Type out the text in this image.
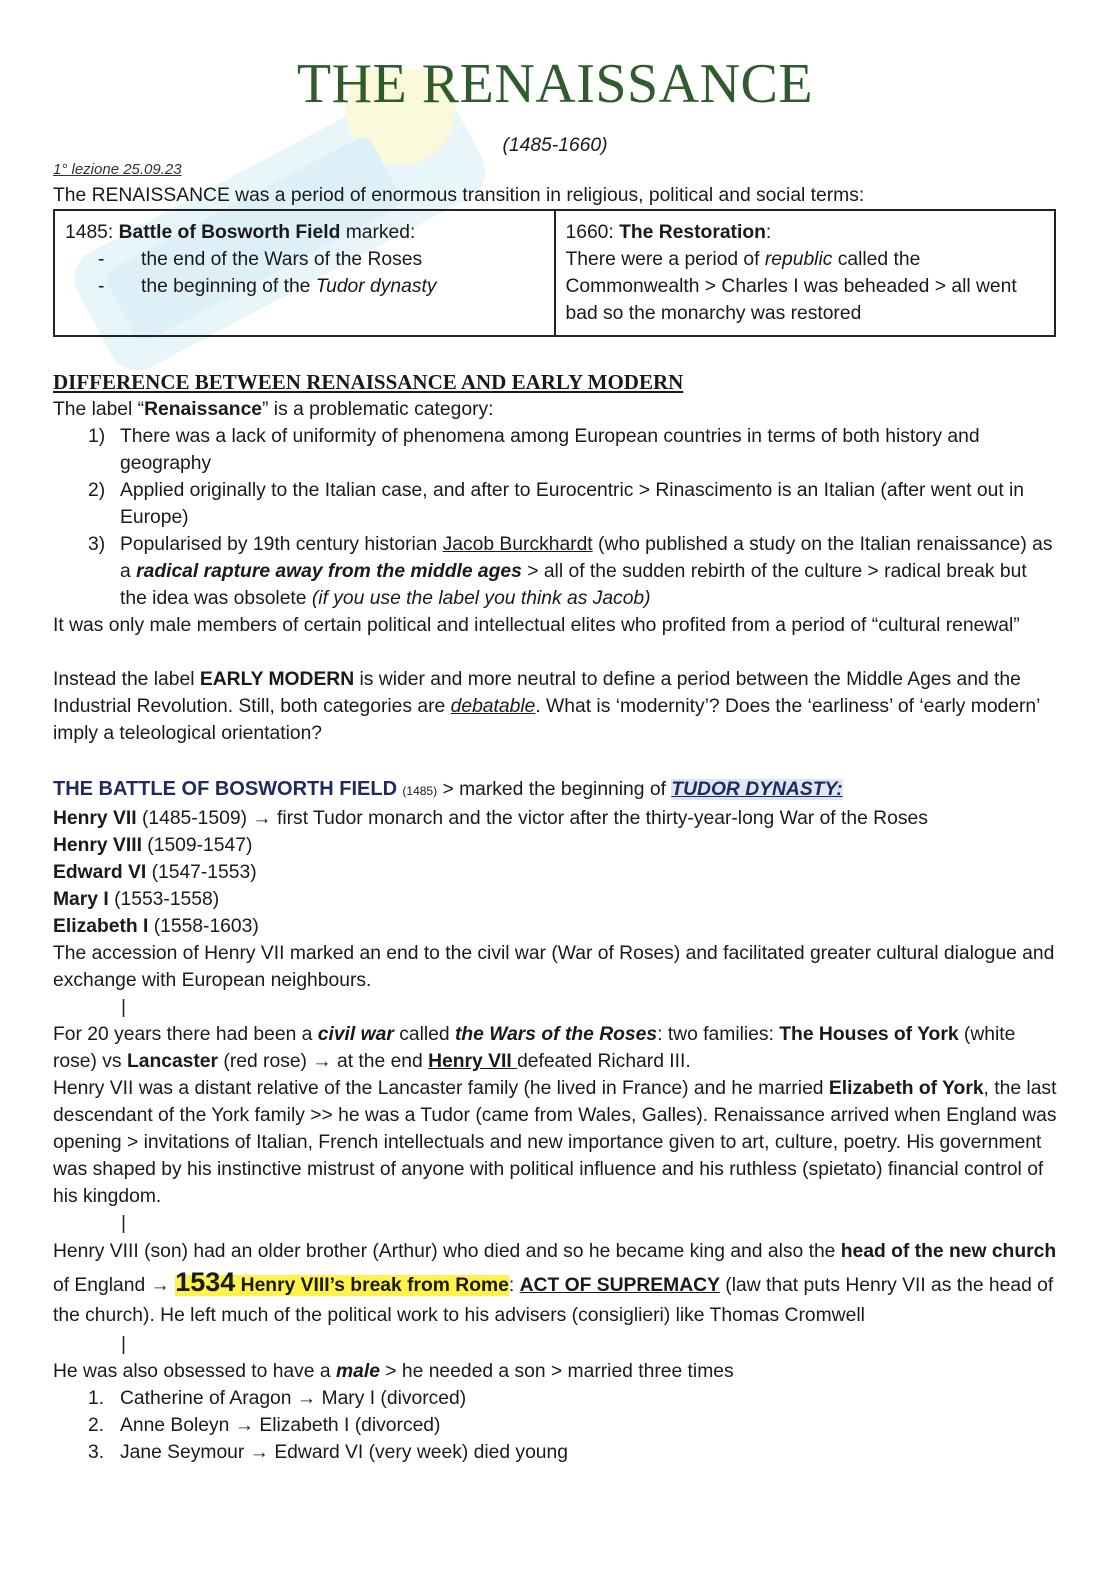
THE RENAISSANCE
(1485-1660)
1° lezione 25.09.23
The RENAISSANCE was a period of enormous transition in religious, political and social terms:
1485: Battle of Bosworth Field marked:
- the end of the Wars of the Roses
- the beginning of the Tudor dynasty

1660: The Restoration:
There were a period of republic called the Commonwealth > Charles I was beheaded > all went bad so the monarchy was restored

DIFFERENCE BETWEEN RENAISSANCE AND EARLY MODERN

The label “Renaissance” is a problematic category:

1) There was a lack of uniformity of phenomena among European countries in terms of both history and geography
2) Applied originally to the Italian case, and after to Eurocentric > Rinascimento is an Italian (after went out in Europe)
3) Popularised by 19th century historian Jacob Burckhardt (who published a study on the Italian renaissance) as a radical rapture away from the middle ages > all of the sudden rebirth of the culture > radical break but the idea was obsolete (if you use the label you think as Jacob)

It was only male members of certain political and intellectual elites who profited from a period of “cultural renewal”

Instead the label EARLY MODERN is wider and more neutral to define a period between the Middle Ages and the Industrial Revolution. Still, both categories are debatable. What is ‘modernity’? Does the ‘earliness’ of ‘early modern’ imply a teleological orientation?

THE BATTLE OF BOSWORTH FIELD (1485) > marked the beginning of TUDOR DYNASTY:

Henry VII (1485-1509) → first Tudor monarch and the victor after the thirty-year-long War of the Roses

Henry VIII (1509-1547)

Edward VI (1547-1553)

Mary I (1553-1558)

Elizabeth I (1558-1603)

The accession of Henry VII marked an end to the civil war (War of Roses) and facilitated greater cultural dialogue and exchange with European neighbours.

|

For 20 years there had been a civil war called the Wars of the Roses: two families: The Houses of York (white rose) vs Lancaster (red rose) → at the end Henry VII defeated Richard III.

Henry VII was a distant relative of the Lancaster family (he lived in France) and he married Elizabeth of York, the last descendant of the York family >> he was a Tudor (came from Wales, Galles). Renaissance arrived when England was opening > invitations of Italian, French intellectuals and new importance given to art, culture, poetry. His government was shaped by his instinctive mistrust of anyone with political influence and his ruthless (spietato) financial control of his kingdom.

|

Henry VIII (son) had an older brother (Arthur) who died and so he became king and also the head of the new church of England → 1534 Henry VIII’s break from Rome: ACT OF SUPREMACY (law that puts Henry VII as the head of the church). He left much of the political work to his advisers (consiglieri) like Thomas Cromwell

|

He was also obsessed to have a male > he needed a son > married three times

1. Catherine of Aragon → Mary I (divorced)
2. Anne Boleyn → Elizabeth I (divorced)
3. Jane Seymour → Edward VI (very week) died young
